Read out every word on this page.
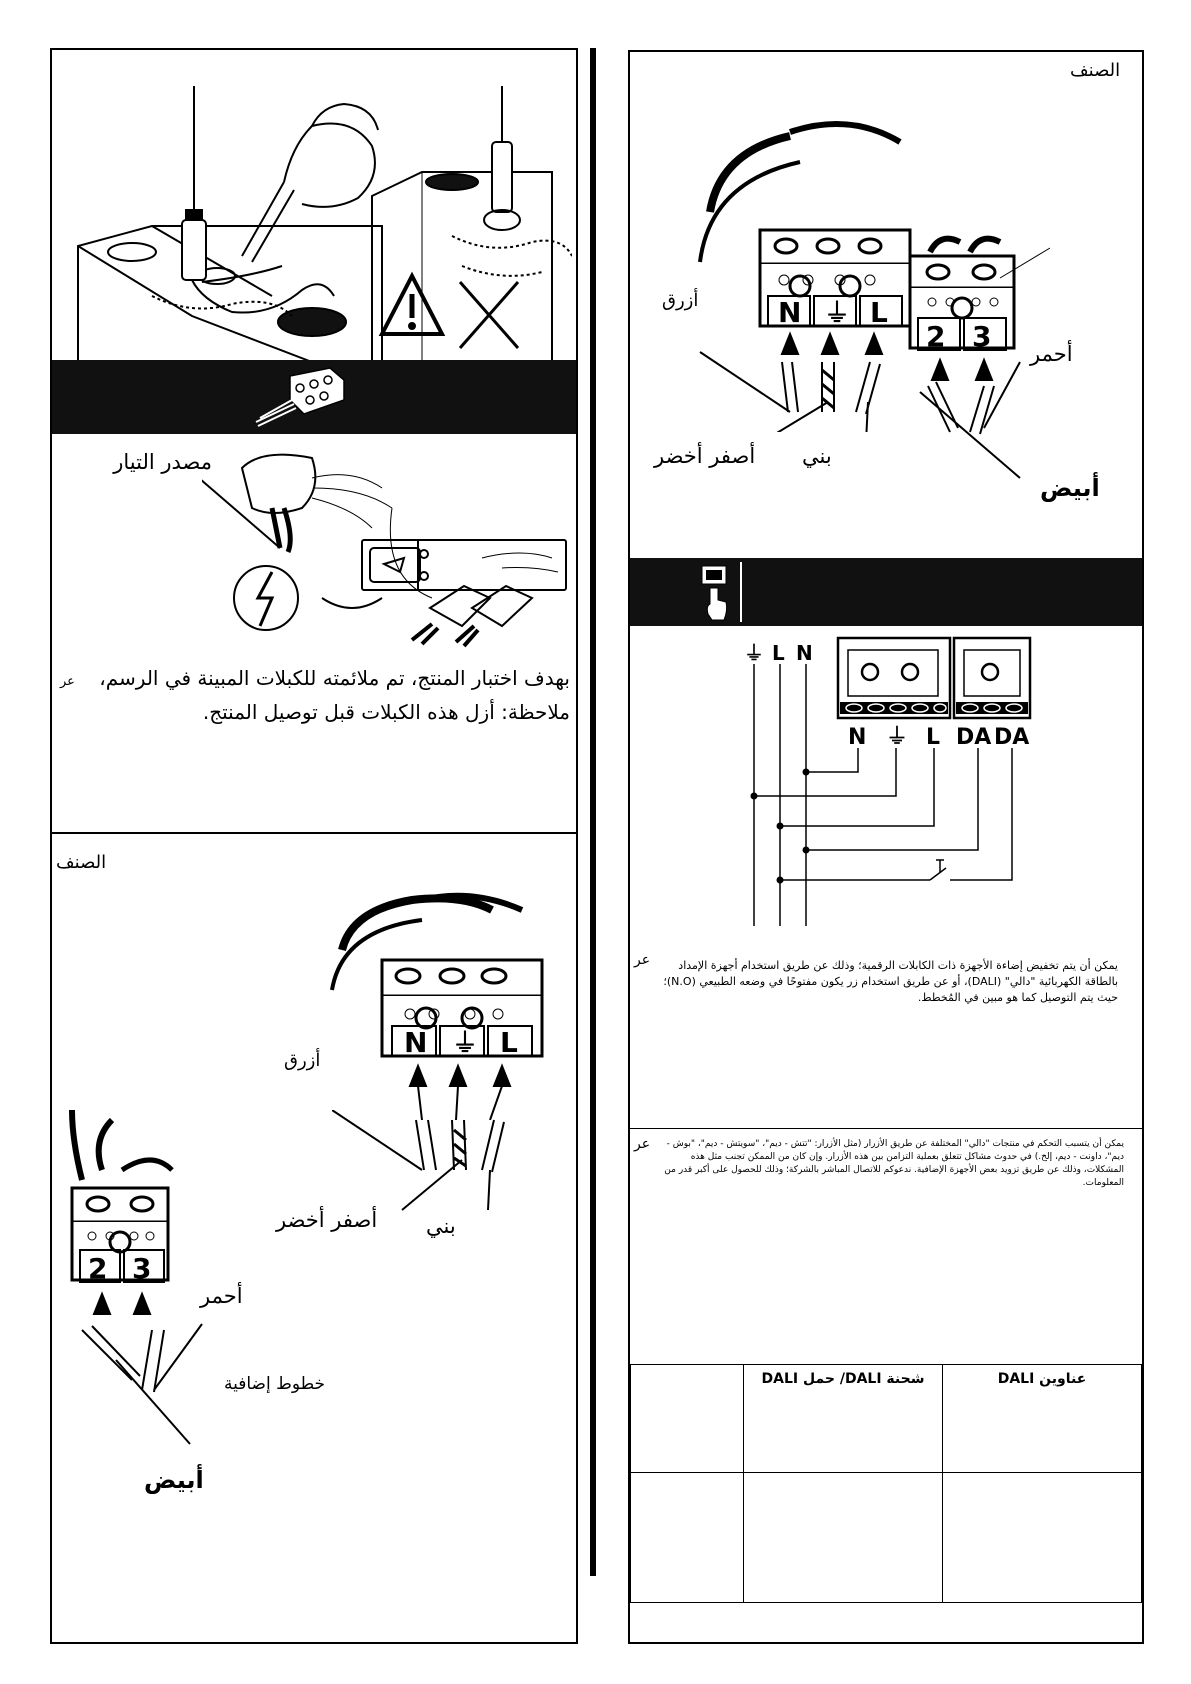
مصدر التيار
عر	بهدف اختبار المنتج، تم ملائمته للكبلات المبينة في الرسم،
ملاحظة: أزل هذه الكبلات قبل توصيل المنتج.
الصنف
N ⏚ L
أزرق
أصفر أخضر بني
2 3
أحمر
خطوط إضافية
أبيض
الصنف
N ⏚ L
أزرق
أصفر أخضر بني
2 3
أحمر
أبيض
⏚ L N
N ⏚ L DA DA
عر	يمكن أن يتم تخفيض إضاءة الأجهزة ذات الكابلات الرقمية؛ وذلك عن طريق استخدام أجهزة الإمداد بالطاقة الكهربائية "دالي" (DALI)، أو عن طريق استخدام زر يكون مفتوحًا في وضعه الطبيعي (N.O)؛ حيث يتم التوصيل كما هو مبين في المُخطط.
عر	يمكن أن يتسبب التحكم في منتجات "دالي" المختلفة عن طريق الأزرار (مثل الأزرار: "تتش - ديم"، "سويتش - ديم"، "بوش - ديم"، داونت - ديم، إلخ.) في حدوث مشاكل تتعلق بعملية التزامن بين هذه الأزرار. وإن كان من الممكن تجنب مثل هذه المشكلات، وذلك عن طريق تزويد بعض الأجهزة الإضافية. ندعوكم للاتصال المباشر بالشركة؛ وذلك للحصول على أكبر قدر من المعلومات.
	شحنة DALI/ حمل DALI	عناوين DALI
